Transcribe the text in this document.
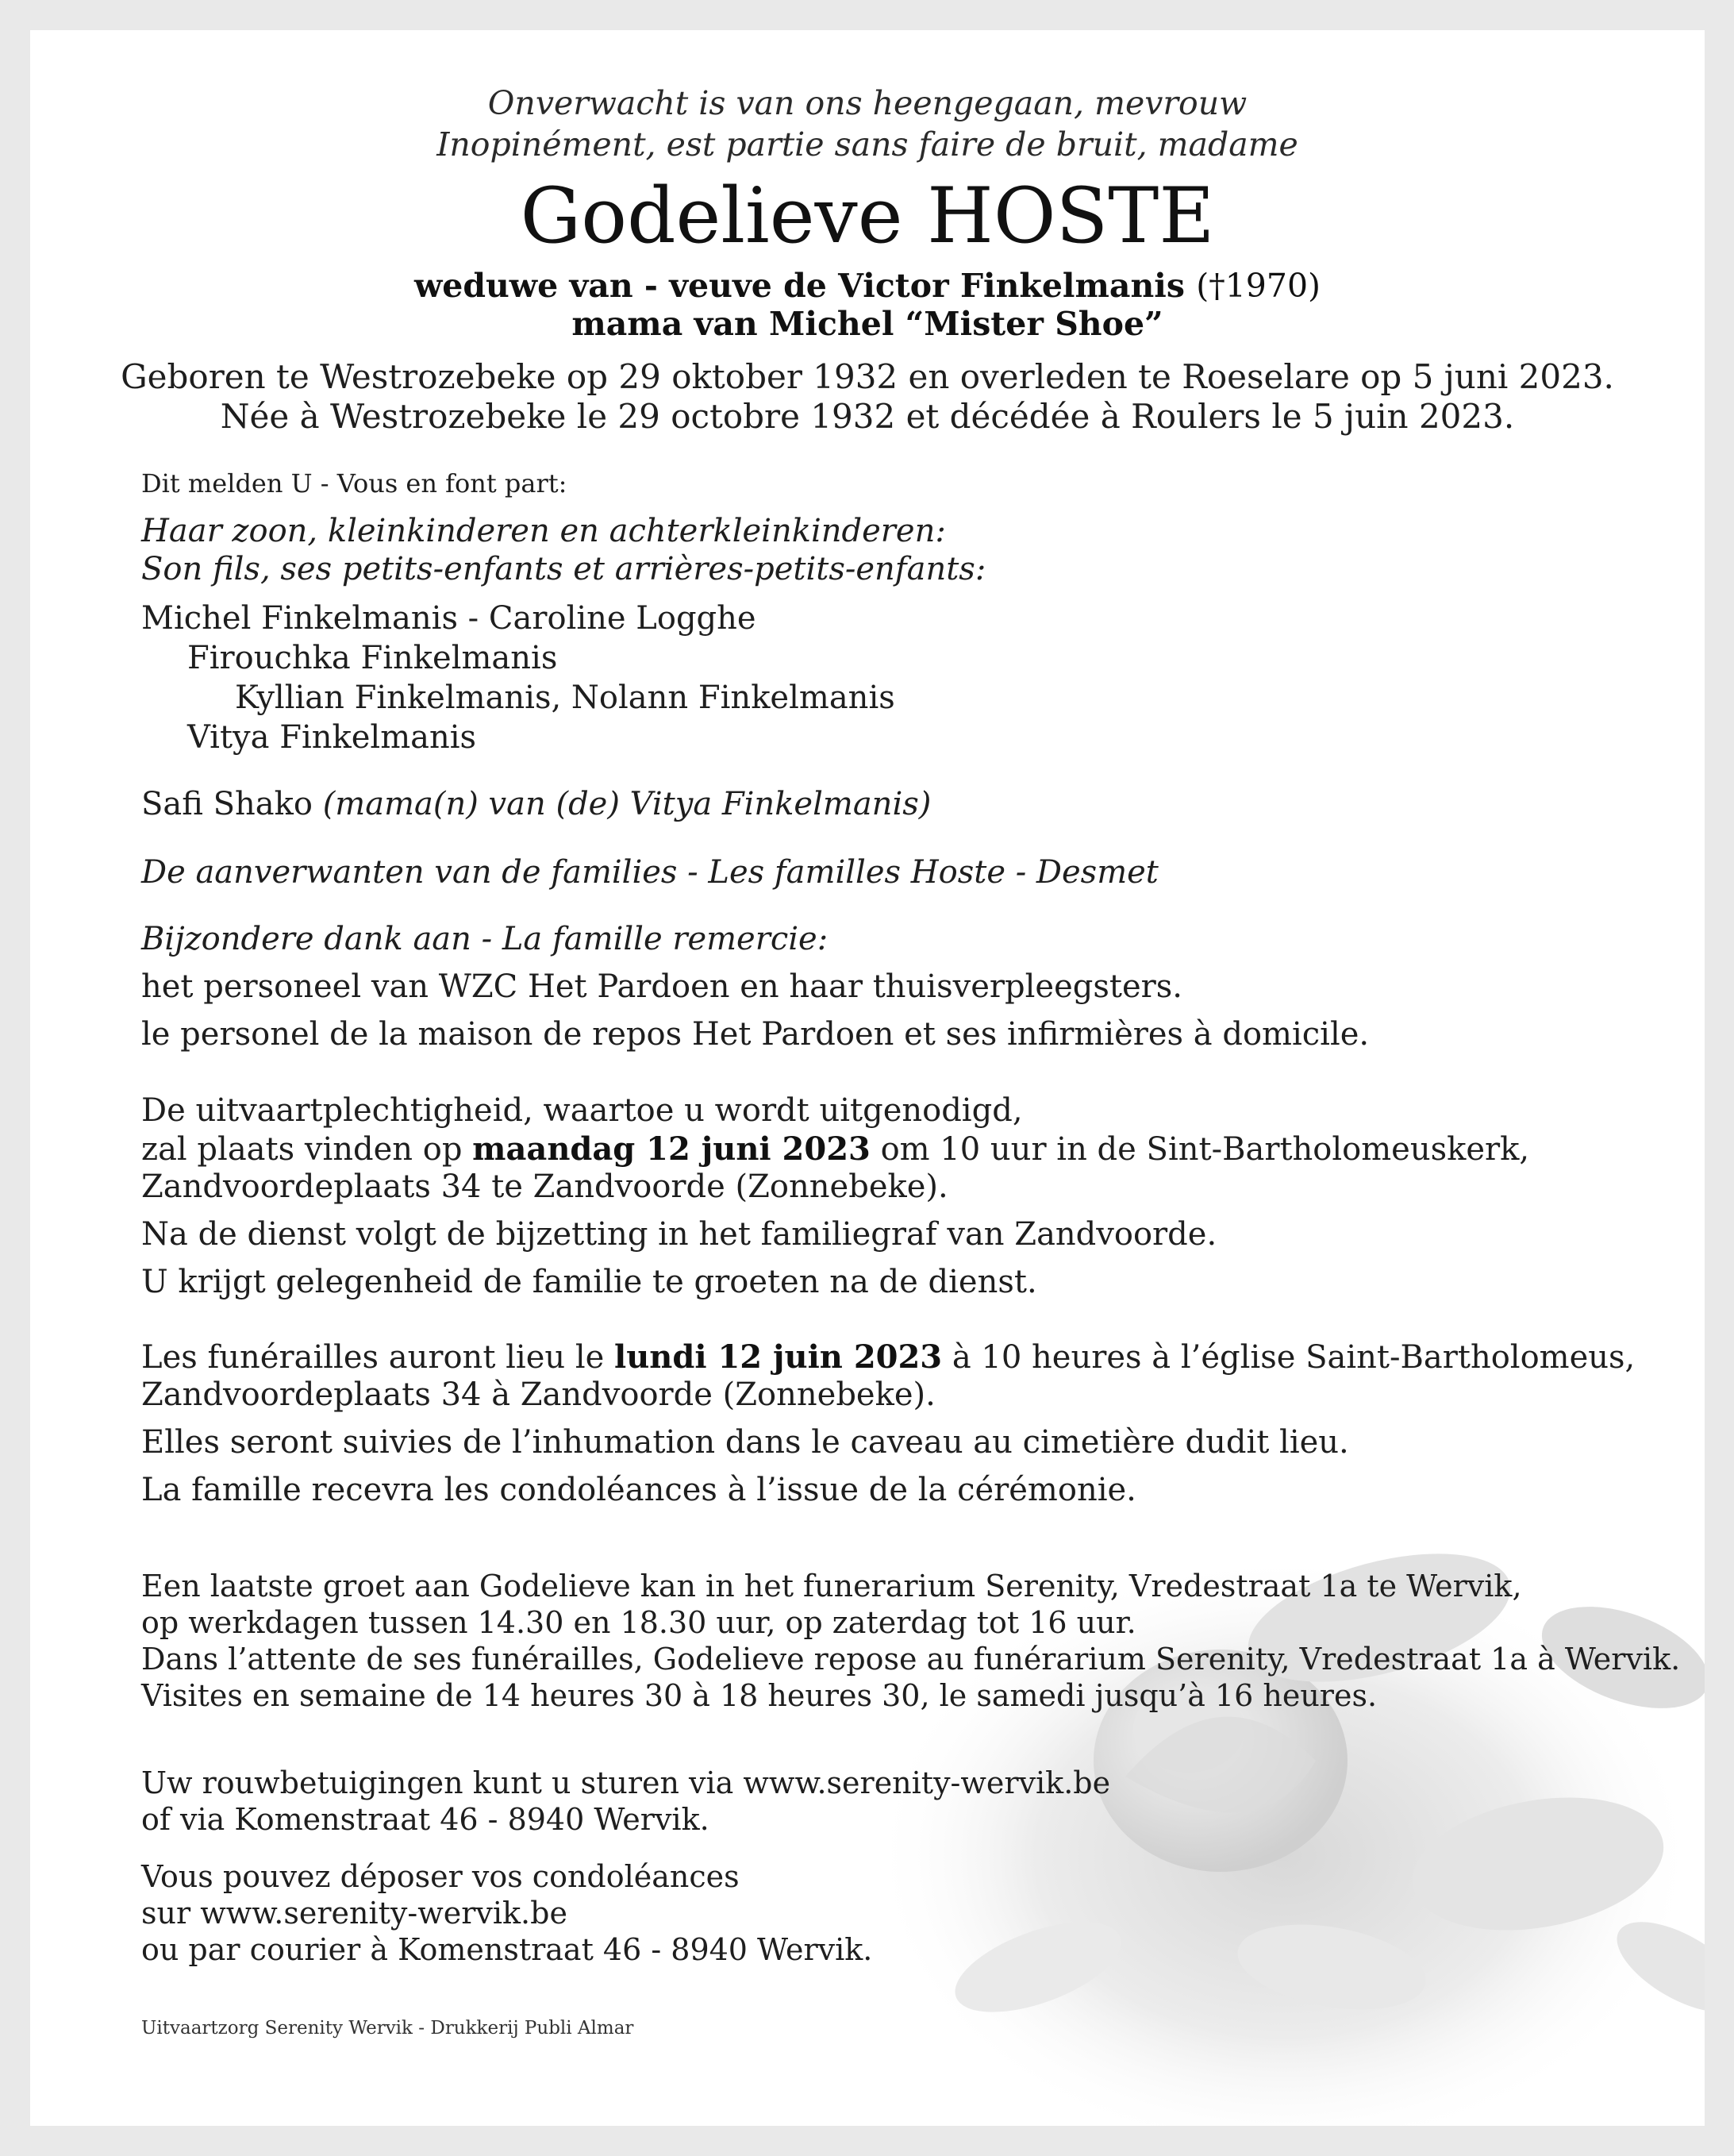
Onverwacht is van ons heengegaan, mevrouw
Inopinément, est partie sans faire de bruit, madame
Godelieve HOSTE
weduwe van - veuve de Victor Finkelmanis (†1970)
mama van Michel “Mister Shoe”
Geboren te Westrozebeke op 29 oktober 1932 en overleden te Roeselare op 5 juni 2023.
Née à Westrozebeke le 29 octobre 1932 et décédée à Roulers le 5 juin 2023.
Dit melden U - Vous en font part:
Haar zoon, kleinkinderen en achterkleinkinderen:
Son fils, ses petits-enfants et arrières-petits-enfants:
Michel Finkelmanis - Caroline Logghe
Firouchka Finkelmanis
Kyllian Finkelmanis, Nolann Finkelmanis
Vitya Finkelmanis
Safi Shako (mama(n) van (de) Vitya Finkelmanis)
De aanverwanten van de families - Les familles Hoste - Desmet
Bijzondere dank aan - La famille remercie:
het personeel van WZC Het Pardoen en haar thuisverpleegsters.
le personel de la maison de repos Het Pardoen et ses infirmières à domicile.
De uitvaartplechtigheid, waartoe u wordt uitgenodigd,
zal plaats vinden op maandag 12 juni 2023 om 10 uur in de Sint-Bartholomeuskerk,
Zandvoordeplaats 34 te Zandvoorde (Zonnebeke).
Na de dienst volgt de bijzetting in het familiegraf van Zandvoorde.
U krijgt gelegenheid de familie te groeten na de dienst.
Les funérailles auront lieu le lundi 12 juin 2023 à 10 heures à l’église Saint-Bartholomeus,
Zandvoordeplaats 34 à Zandvoorde (Zonnebeke).
Elles seront suivies de l’inhumation dans le caveau au cimetière dudit lieu.
La famille recevra les condoléances à l’issue de la cérémonie.
Een laatste groet aan Godelieve kan in het funerarium Serenity, Vredestraat 1a te Wervik,
op werkdagen tussen 14.30 en 18.30 uur, op zaterdag tot 16 uur.
Dans l’attente de ses funérailles, Godelieve repose au funérarium Serenity, Vredestraat 1a à Wervik.
Visites en semaine de 14 heures 30 à 18 heures 30, le samedi jusqu’à 16 heures.
Uw rouwbetuigingen kunt u sturen via www.serenity-wervik.be
of via Komenstraat 46 - 8940 Wervik.
Vous pouvez déposer vos condoléances
sur www.serenity-wervik.be
ou par courier à Komenstraat 46 - 8940 Wervik.
Uitvaartzorg Serenity Wervik - Drukkerij Publi Almar
